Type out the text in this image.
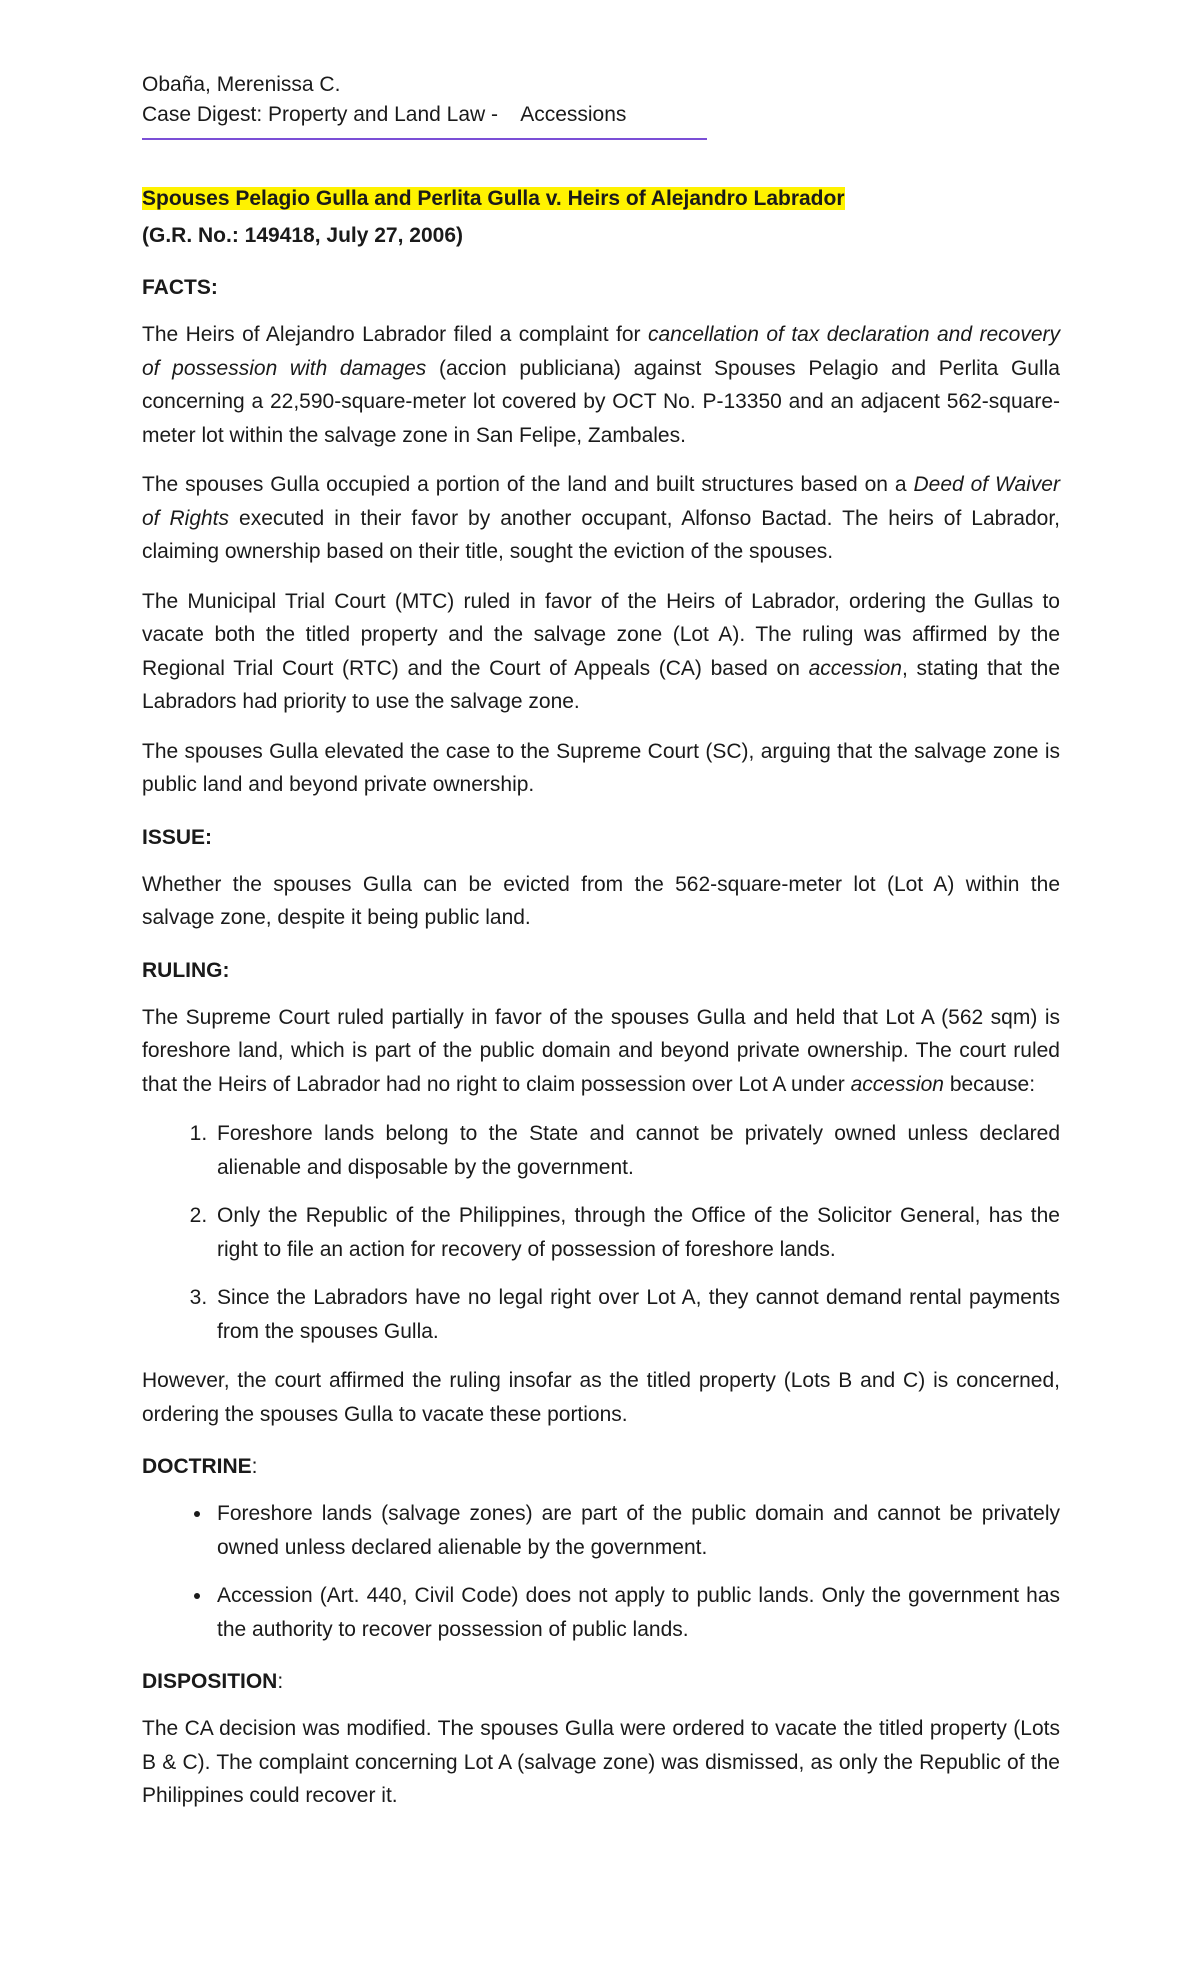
Obaña, Merenissa C.
Case Digest: Property and Land Law -    Accessions
Spouses Pelagio Gulla and Perlita Gulla v. Heirs of Alejandro Labrador
(G.R. No.: 149418, July 27, 2006)
FACTS:

The Heirs of Alejandro Labrador filed a complaint for cancellation of tax declaration and recovery of possession with damages (accion publiciana) against Spouses Pelagio and Perlita Gulla concerning a 22,590-square-meter lot covered by OCT No. P-13350 and an adjacent 562-square-meter lot within the salvage zone in San Felipe, Zambales.

The spouses Gulla occupied a portion of the land and built structures based on a Deed of Waiver of Rights executed in their favor by another occupant, Alfonso Bactad. The heirs of Labrador, claiming ownership based on their title, sought the eviction of the spouses.

The Municipal Trial Court (MTC) ruled in favor of the Heirs of Labrador, ordering the Gullas to vacate both the titled property and the salvage zone (Lot A). The ruling was affirmed by the Regional Trial Court (RTC) and the Court of Appeals (CA) based on accession, stating that the Labradors had priority to use the salvage zone.

The spouses Gulla elevated the case to the Supreme Court (SC), arguing that the salvage zone is public land and beyond private ownership.

ISSUE:

Whether the spouses Gulla can be evicted from the 562-square-meter lot (Lot A) within the salvage zone, despite it being public land.

RULING:

The Supreme Court ruled partially in favor of the spouses Gulla and held that Lot A (562 sqm) is foreshore land, which is part of the public domain and beyond private ownership. The court ruled that the Heirs of Labrador had no right to claim possession over Lot A under accession because:

1. Foreshore lands belong to the State and cannot be privately owned unless declared alienable and disposable by the government.
2. Only the Republic of the Philippines, through the Office of the Solicitor General, has the right to file an action for recovery of possession of foreshore lands.
3. Since the Labradors have no legal right over Lot A, they cannot demand rental payments from the spouses Gulla.

However, the court affirmed the ruling insofar as the titled property (Lots B and C) is concerned, ordering the spouses Gulla to vacate these portions.

DOCTRINE:
• Foreshore lands (salvage zones) are part of the public domain and cannot be privately owned unless declared alienable by the government.
• Accession (Art. 440, Civil Code) does not apply to public lands. Only the government has the authority to recover possession of public lands.
DISPOSITION:

The CA decision was modified. The spouses Gulla were ordered to vacate the titled property (Lots B & C). The complaint concerning Lot A (salvage zone) was dismissed, as only the Republic of the Philippines could recover it.
